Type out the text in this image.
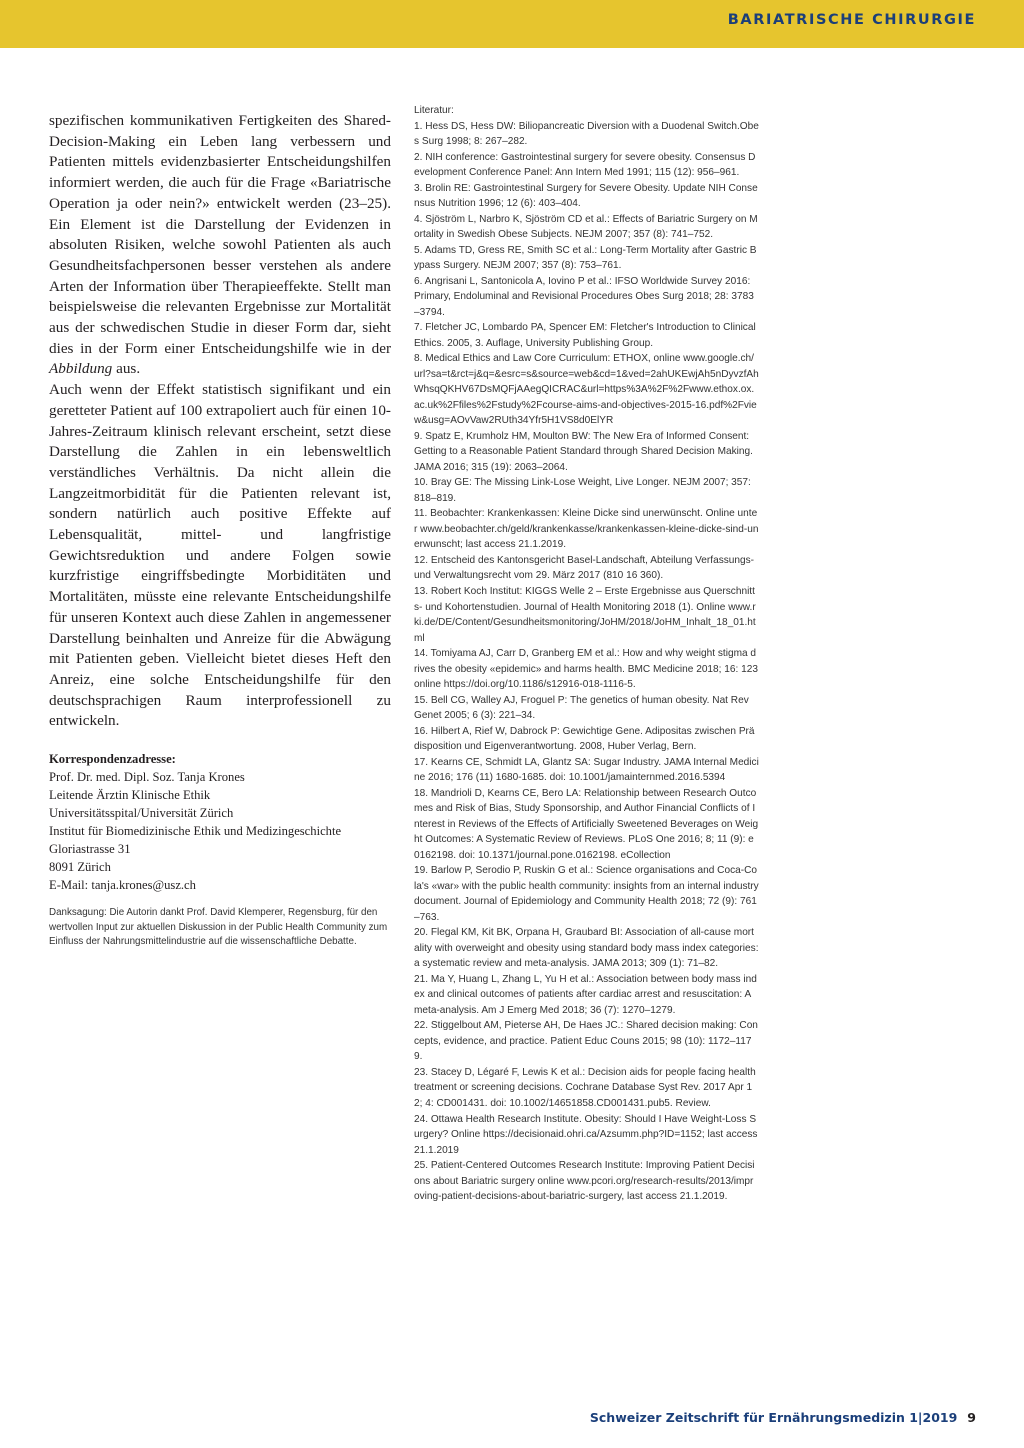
BARIATRISCHE CHIRURGIE

spezifischen kommunikativen Fertigkeiten des Shared-Decision-Making ein Leben lang verbessern und Patienten mittels evidenzbasierter Entscheidungshilfen informiert werden, die auch für die Frage «Bariatrische Operation ja oder nein?» entwickelt werden (23–25). Ein Element ist die Darstellung der Evidenzen in absoluten Risiken, welche sowohl Patienten als auch Gesundheitsfachpersonen besser verstehen als andere Arten der Information über Therapieeffekte. Stellt man beispielsweise die relevanten Ergebnisse zur Mortalität aus der schwedischen Studie in dieser Form dar, sieht dies in der Form einer Entscheidungshilfe wie in der Abbildung aus.

Auch wenn der Effekt statistisch signifikant und ein geretteter Patient auf 100 extrapoliert auch für einen 10-Jahres-Zeitraum klinisch relevant erscheint, setzt diese Darstellung die Zahlen in ein lebensweltlich verständliches Verhältnis. Da nicht allein die Langzeitmorbidität für die Patienten relevant ist, sondern natürlich auch positive Effekte auf Lebensqualität, mittel- und langfristige Gewichtsreduktion und andere Folgen sowie kurzfristige eingriffsbedingte Morbiditäten und Mortalitäten, müsste eine relevante Entscheidungshilfe für unseren Kontext auch diese Zahlen in angemessener Darstellung beinhalten und Anreize für die Abwägung mit Patienten geben. Vielleicht bietet dieses Heft den Anreiz, eine solche Entscheidungshilfe für den deutschsprachigen Raum interprofessionell zu entwickeln.

Korrespondenzadresse:
Prof. Dr. med. Dipl. Soz. Tanja Krones
Leitende Ärztin Klinische Ethik
Universitätsspital/Universität Zürich
Institut für Biomedizinische Ethik und Medizingeschichte
Gloriastrasse 31
8091 Zürich
E-Mail: tanja.krones@usz.ch
Danksagung: Die Autorin dankt Prof. David Klemperer, Regensburg, für den wertvollen Input zur aktuellen Diskussion in der Public Health Community zum Einfluss der Nahrungsmittelindustrie auf die wissenschaftliche Debatte.
Literatur:
1. Hess DS, Hess DW: Biliopancreatic Diversion with a Duodenal Switch.Obes Surg 1998; 8: 267–282.
2. NIH conference: Gastrointestinal surgery for severe obesity. Consensus Development Conference Panel: Ann Intern Med 1991; 115 (12): 956–961.
3. Brolin RE: Gastrointestinal Surgery for Severe Obesity. Update NIH Consensus Nutrition 1996; 12 (6): 403–404.
4. Sjöström L, Narbro K, Sjöström CD et al.: Effects of Bariatric Surgery on Mortality in Swedish Obese Subjects. NEJM 2007; 357 (8): 741–752.
5. Adams TD, Gress RE, Smith SC et al.: Long-Term Mortality after Gastric Bypass Surgery. NEJM 2007; 357 (8): 753–761.
6. Angrisani L, Santonicola A, Iovino P et al.: IFSO Worldwide Survey 2016: Primary, Endoluminal and Revisional Procedures Obes Surg 2018; 28: 3783–3794.
7. Fletcher JC, Lombardo PA, Spencer EM: Fletcher's Introduction to Clinical Ethics. 2005, 3. Auflage, University Publishing Group.
8. Medical Ethics and Law Core Curriculum: ETHOX, online www.google.ch/url?sa=t&rct=j&q=&esrc=s&source=web&cd=1&ved=2ahUKEwjAh5nDyvzfAhWhsqQKHV67DsMQFjAAegQICRAC&url=https%3A%2F%2Fwww.ethox.ox.ac.uk%2Ffiles%2Fstudy%2Fcourse-aims-and-objectives-2015-16.pdf%2Fview&usg=AOvVaw2RUth34Yfr5H1VS8d0ElYR
9. Spatz E, Krumholz HM, Moulton BW: The New Era of Informed Consent: Getting to a Reasonable Patient Standard through Shared Decision Making. JAMA 2016; 315 (19): 2063–2064.
10. Bray GE: The Missing Link-Lose Weight, Live Longer. NEJM 2007; 357: 818–819.
11. Beobachter: Krankenkassen: Kleine Dicke sind unerwünscht. Online unter www.beobachter.ch/geld/krankenkasse/krankenkassen-kleine-dicke-sind-unerwunscht; last access 21.1.2019.
12. Entscheid des Kantonsgericht Basel-Landschaft, Abteilung Verfassungs- und Verwaltungsrecht vom 29. März 2017 (810 16 360).
13. Robert Koch Institut: KIGGS Welle 2 – Erste Ergebnisse aus Querschnitts- und Kohortenstudien. Journal of Health Monitoring 2018 (1). Online www.rki.de/DE/Content/Gesundheitsmonitoring/JoHM/2018/JoHM_Inhalt_18_01.html
14. Tomiyama AJ, Carr D, Granberg EM et al.: How and why weight stigma drives the obesity «epidemic» and harms health. BMC Medicine 2018; 16: 123 online https://doi.org/10.1186/s12916-018-1116-5.
15. Bell CG, Walley AJ, Froguel P: The genetics of human obesity. Nat Rev Genet 2005; 6 (3): 221–34.
16. Hilbert A, Rief W, Dabrock P: Gewichtige Gene. Adipositas zwischen Prädisposition und Eigenverantwortung. 2008, Huber Verlag, Bern.
17. Kearns CE, Schmidt LA, Glantz SA: Sugar Industry. JAMA Internal Medicine 2016; 176 (11) 1680-1685. doi: 10.1001/jamainternmed.2016.5394
18. Mandrioli D, Kearns CE, Bero LA: Relationship between Research Outcomes and Risk of Bias, Study Sponsorship, and Author Financial Conflicts of Interest in Reviews of the Effects of Artificially Sweetened Beverages on Weight Outcomes: A Systematic Review of Reviews. PLoS One 2016; 8; 11 (9): e0162198. doi: 10.1371/journal.pone.0162198. eCollection
19. Barlow P, Serodio P, Ruskin G et al.: Science organisations and Coca-Cola's «war» with the public health community: insights from an internal industry document. Journal of Epidemiology and Community Health 2018; 72 (9): 761–763.
20. Flegal KM, Kit BK, Orpana H, Graubard BI: Association of all-cause mortality with overweight and obesity using standard body mass index categories: a systematic review and meta-analysis. JAMA 2013; 309 (1): 71–82.
21. Ma Y, Huang L, Zhang L, Yu H et al.: Association between body mass index and clinical outcomes of patients after cardiac arrest and resuscitation: A meta-analysis. Am J Emerg Med 2018; 36 (7): 1270–1279.
22. Stiggelbout AM, Pieterse AH, De Haes JC.: Shared decision making: Concepts, evidence, and practice. Patient Educ Couns 2015; 98 (10): 1172–1179.
23. Stacey D, Légaré F, Lewis K et al.: Decision aids for people facing health treatment or screening decisions. Cochrane Database Syst Rev. 2017 Apr 12; 4: CD001431. doi: 10.1002/14651858.CD001431.pub5. Review.
24. Ottawa Health Research Institute. Obesity: Should I Have Weight-Loss Surgery? Online https://decisionaid.ohri.ca/Azsumm.php?ID=1152; last access 21.1.2019
25. Patient-Centered Outcomes Research Institute: Improving Patient Decisions about Bariatric surgery online www.pcori.org/research-results/2013/improving-patient-decisions-about-bariatric-surgery, last access 21.1.2019.
Schweizer Zeitschrift für Ernährungsmedizin 1|2019 9
